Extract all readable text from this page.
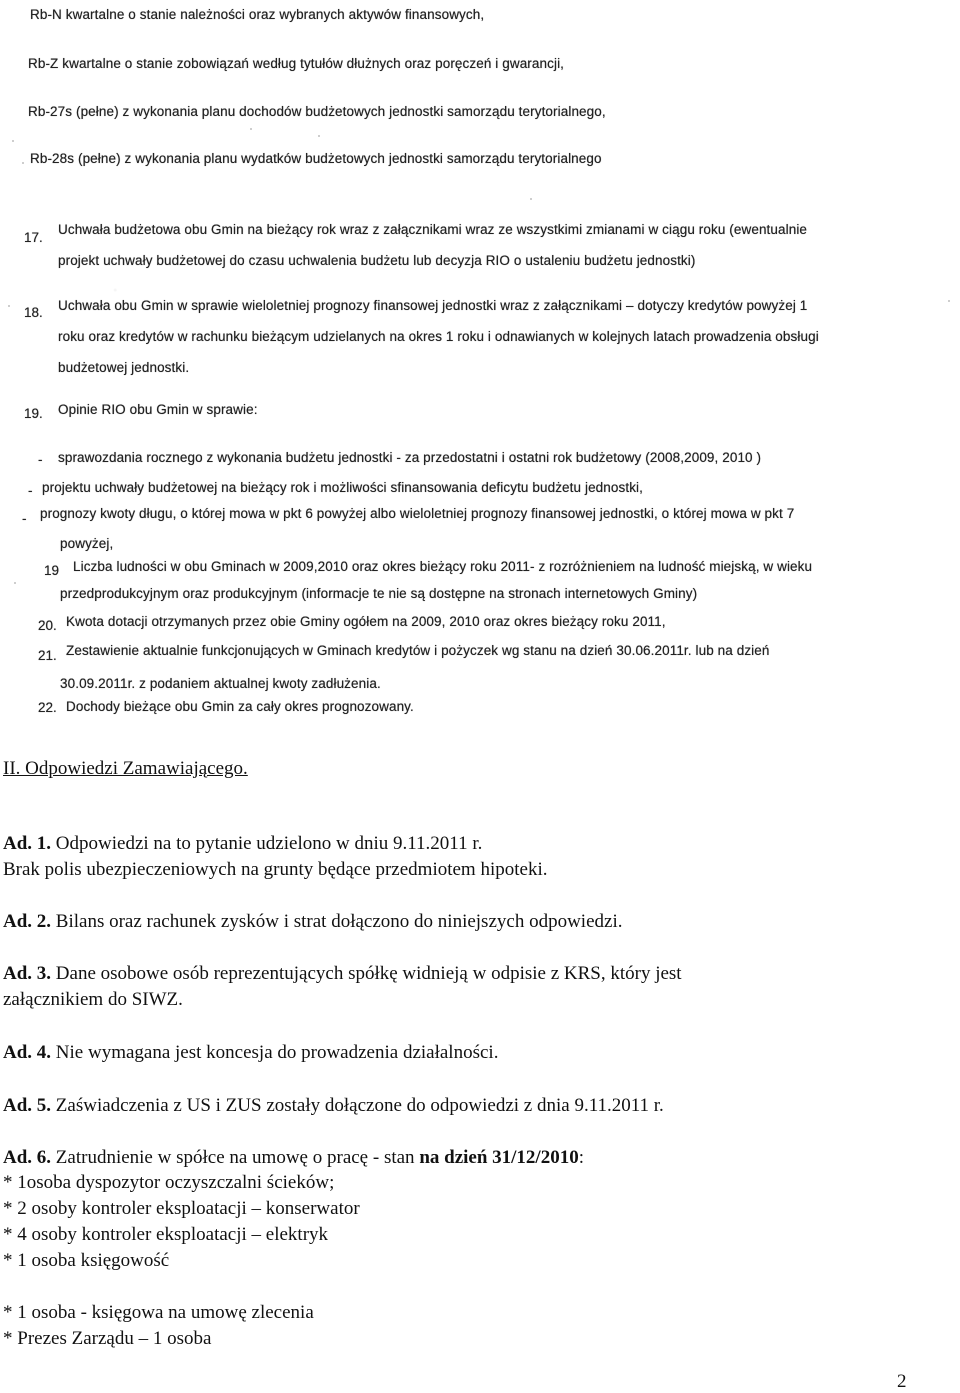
Rb-N kwartalne o stanie należności oraz wybranych aktywów finansowych,
Rb-Z kwartalne o stanie zobowiązań według tytułów dłużnych oraz poręczeń i gwarancji,
Rb-27s (pełne) z wykonania planu dochodów budżetowych jednostki samorządu terytorialnego,
Rb-28s (pełne) z wykonania planu wydatków budżetowych jednostki samorządu terytorialnego
17.
Uchwała budżetowa obu Gmin na bieżący rok wraz z załącznikami wraz ze wszystkimi zmianami w ciągu roku (ewentualnie
projekt uchwały budżetowej do czasu uchwalenia budżetu lub decyzja RIO o ustaleniu budżetu jednostki)
18. Uchwała obu Gmin w sprawie wieloletniej prognozy finansowej jednostki wraz z załącznikami – dotyczy kredytów powyżej 1
roku oraz kredytów w rachunku bieżącym udzielanych na okres 1 roku i odnawianych w kolejnych latach prowadzenia obsługi
budżetowej jednostki.
19. Opinie RIO obu Gmin w sprawie:
- sprawozdania rocznego z wykonania budżetu jednostki - za przedostatni i ostatni rok budżetowy (2008,2009, 2010 )
- projektu uchwały budżetowej na bieżący rok i możliwości sfinansowania deficytu budżetu jednostki,
- prognozy kwoty długu, o której mowa w pkt 6 powyżej albo wieloletniej prognozy finansowej jednostki, o której mowa w pkt 7
powyżej,
19 Liczba ludności w obu Gminach w 2009,2010 oraz okres bieżący roku 2011- z rozróżnieniem na ludność miejską, w wieku
przedprodukcyjnym oraz produkcyjnym (informacje te nie są dostępne na stronach internetowych Gminy)
20. Kwota dotacji otrzymanych przez obie Gminy ogółem na 2009, 2010 oraz okres bieżący roku 2011,
21. Zestawienie aktualnie funkcjonujących w Gminach kredytów i pożyczek wg stanu na dzień 30.06.2011r. lub na dzień
30.09.2011r. z podaniem aktualnej kwoty zadłużenia.
22. Dochody bieżące obu Gmin za cały okres prognozowany.
II. Odpowiedzi Zamawiającego.
Ad. 1. Odpowiedzi na to pytanie udzielono w dniu 9.11.2011 r.
Brak polis ubezpieczeniowych na grunty będące przedmiotem hipoteki.
Ad. 2. Bilans oraz rachunek zysków i strat dołączono do niniejszych odpowiedzi.
Ad. 3. Dane osobowe osób reprezentujących spółkę widnieją w odpisie z KRS, który jest
załącznikiem do SIWZ.
Ad. 4. Nie wymagana jest koncesja do prowadzenia działalności.
Ad. 5. Zaświadczenia z US i ZUS zostały dołączone do odpowiedzi z dnia 9.11.2011 r.
Ad. 6. Zatrudnienie w spółce na umowę o pracę - stan na dzień 31/12/2010:
* 1osoba dyspozytor oczyszczalni ścieków;
* 2 osoby kontroler eksploatacji – konserwator
* 4 osoby kontroler eksploatacji – elektryk
* 1 osoba księgowość
* 1 osoba - księgowa na umowę zlecenia
* Prezes Zarządu – 1 osoba
2
